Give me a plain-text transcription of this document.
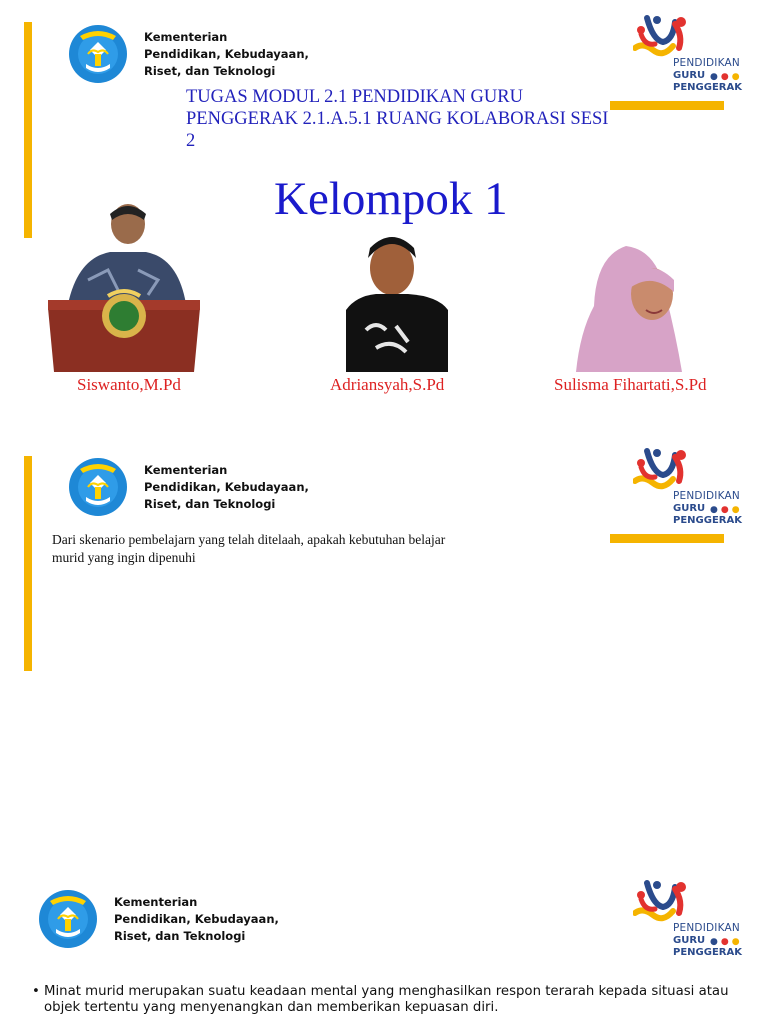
Kementerian
Pendidikan, Kebudayaan,
Riset, dan Teknologi
PENDIDIKAN
GURU ●●●
PENGGERAK
TUGAS MODUL 2.1 PENDIDIKAN GURU PENGGERAK 2.1.A.5.1 RUANG KOLABORASI SESI 2
Kelompok 1
Siswanto,M.Pd	Adriansyah,S.Pd	Sulisma Fihartati,S.Pd
Kementerian
Pendidikan, Kebudayaan,
Riset, dan Teknologi
PENDIDIKAN
GURU ●●●
PENGGERAK
Dari skenario pembelajarn yang telah ditelaah, apakah kebutuhan belajar murid yang ingin dipenuhi
Kementerian
Pendidikan, Kebudayaan,
Riset, dan Teknologi
PENDIDIKAN
GURU ●●●
PENGGERAK
• Minat murid merupakan suatu keadaan mental yang menghasilkan respon terarah kepada situasi atau objek tertentu yang menyenangkan dan memberikan kepuasan diri.
